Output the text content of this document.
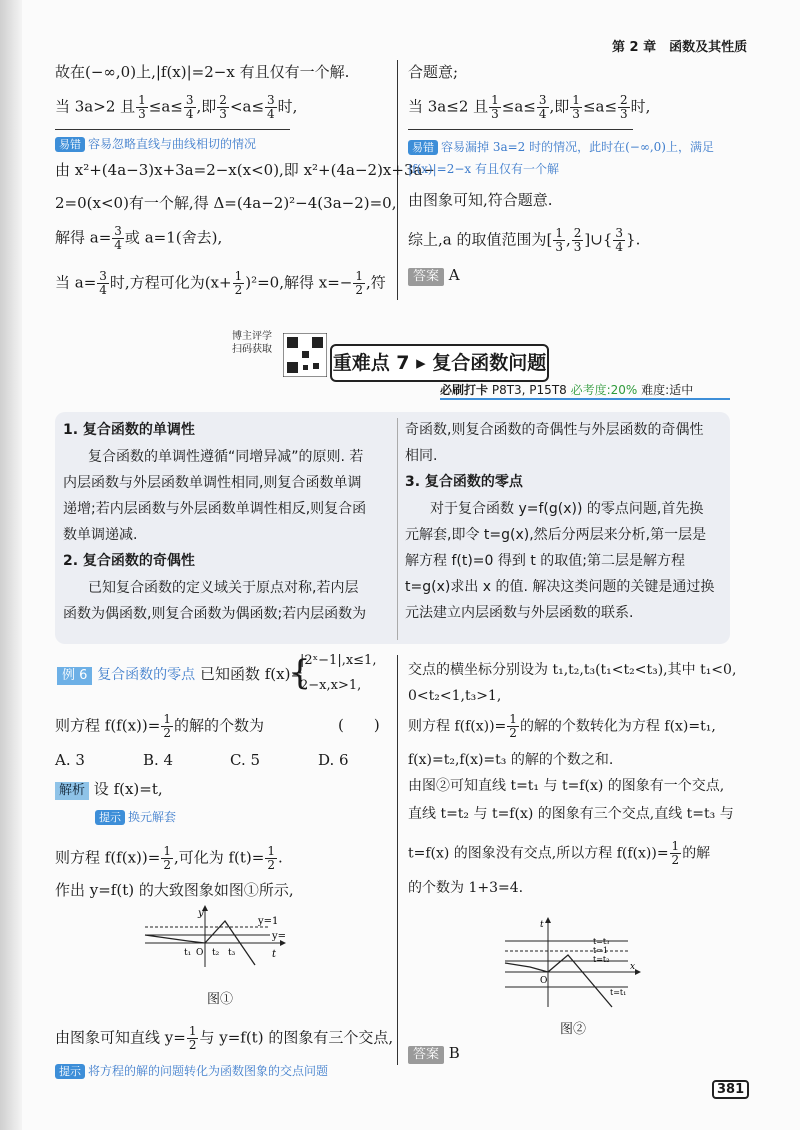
第 2 章　函数及其性质
故在(−∞,0)上,|f(x)|=2−x 有且仅有一个解.
当 3a>2 且 $\frac{1}{3} \le a\le \frac{3}{4}$ ,即 $\frac{2}{3} <a\le \frac{3}{4}$ 时,
易错 容易忽略直线与曲线相切的情况
由 x²+(4a−3)x+3a=2−x(x<0),即 x²+(4a−2)x+3a−
2=0(x<0)有一个解,得 Δ=(4a−2)²−4(3a−2)=0,
解得 $a= \frac{3}{4}$ 或 a=1(舍去),
当 $a= \frac{3}{4}$ 时,方程可化为$(x+ \frac{1}{2} )^2=0$,解得 $x=- \frac{1}{2}$ ,符
合题意;
当 3a≤2 且 $\frac{1}{3} \le a\le \frac{3}{4}$ ,即 $\frac{1}{3} \le a\le \frac{2}{3}$ 时,
易错 容易漏掉 3a=2 时的情况，此时在(−∞,0)上，满足
|f(x)|=2−x 有且仅有一个解
由图象可知,符合题意.
综上,a 的取值范围为[ $\frac{1}{3}$ , $\frac{2}{3}$ ]∪{ $\frac{3}{4}$ }.
答案 A
博主评学 扫码获取
重难点 7 ▸ 复合函数问题
必刷打卡 P8T3, P15T8 必考度:20% 难度:适中
1. 复合函数的单调性
复合函数的单调性遵循“同增异减”的原则. 若
内层函数与外层函数单调性相同,则复合函数单调
递增;若内层函数与外层函数单调性相反,则复合函
数单调递减.
2. 复合函数的奇偶性
已知复合函数的定义域关于原点对称,若内层
函数为偶函数,则复合函数为偶函数;若内层函数为
奇函数,则复合函数的奇偶性与外层函数的奇偶性
相同.
3. 复合函数的零点
对于复合函数 y=f(g(x)) 的零点问题,首先换
元解套,即令 t=g(x),然后分两层来分析,第一层是
解方程 f(t)=0 得到 t 的取值;第二层是解方程
t=g(x)求出 x 的值. 解决这类问题的关键是通过换
元法建立内层函数与外层函数的联系.
例 6 复合函数的零点 已知函数 f(x)=
|2ˣ−1|,x≤1,
2−x,x>1,
{
则方程 $f(f(x))= \frac{1}{2}$ 的解的个数为	(　　)
A. 3	B. 4	C. 5	D. 6
解析 设 f(x)=t,
提示 换元解套
则方程 $f(f(x))= \frac{1}{2}$ ,可化为 $f(t)= \frac{1}{2}$ .
作出 y=f(t) 的大致图象如图①所示,
y=1
y=
y
t
t₁ O t₂ t₃
图①
由图象可知直线 $y= \frac{1}{2}$ 与 y=f(t) 的图象有三个交点,
提示 将方程的解的问题转化为函数图象的交点问题
交点的横坐标分别设为 t₁,t₂,t₃(t₁<t₂<t₃),其中 t₁<0,
0<t₂<1,t₃>1,
则方程 $f(f(x))= \frac{1}{2}$ 的解的个数转化为方程 f(x)=t₁,
f(x)=t₂,f(x)=t₃ 的解的个数之和.
由图②可知直线 t=t₁ 与 t=f(x) 的图象有一个交点,
直线 t=t₂ 与 t=f(x) 的图象有三个交点,直线 t=t₃ 与
t=f(x) 的图象没有交点,所以方程 $f(f(x))= \frac{1}{2}$ 的解
的个数为 1+3=4.
t=t₃
t=1
t=t₂
t=t₁
t
x
O
图②
答案 B
381
